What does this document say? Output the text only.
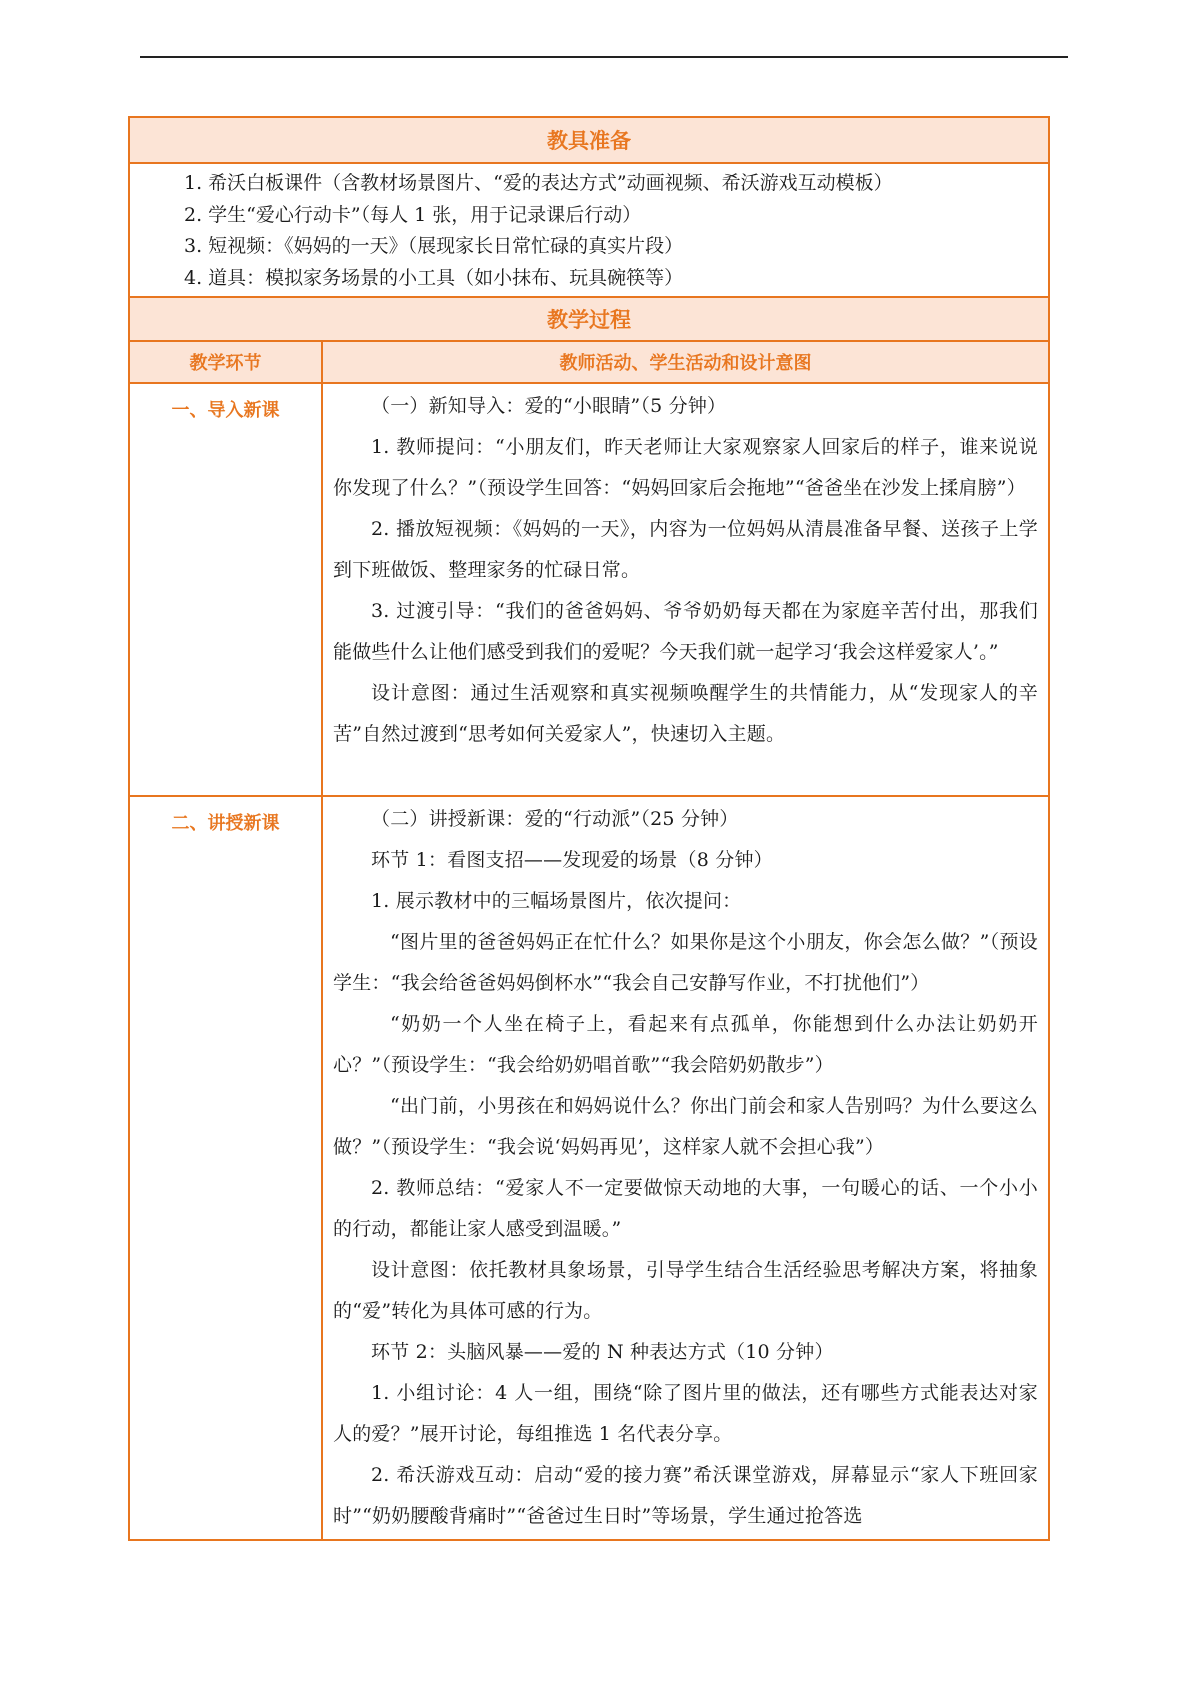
教具准备
1. 希沃白板课件（含教材场景图片、“爱的表达方式”动画视频、希沃游戏互动模板）
2. 学生“爱心行动卡”（每人 1 张，用于记录课后行动）
3. 短视频：《妈妈的一天》（展现家长日常忙碌的真实片段）
4. 道具：模拟家务场景的小工具（如小抹布、玩具碗筷等）
教学过程
教学环节	教师活动、学生活动和设计意图
一、导入新课	（一）新知导入：爱的“小眼睛”（5 分钟）

1. 教师提问：“小朋友们，昨天老师让大家观察家人回家后的样子，谁来说说你发现了什么？”（预设学生回答：“妈妈回家后会拖地”“爸爸坐在沙发上揉肩膀”）

2. 播放短视频：《妈妈的一天》，内容为一位妈妈从清晨准备早餐、送孩子上学到下班做饭、整理家务的忙碌日常。

3. 过渡引导：“我们的爸爸妈妈、爷爷奶奶每天都在为家庭辛苦付出，那我们能做些什么让他们感受到我们的爱呢？今天我们就一起学习‘我会这样爱家人’。”

设计意图：通过生活观察和真实视频唤醒学生的共情能力，从“发现家人的辛苦”自然过渡到“思考如何关爱家人”，快速切入主题。

二、讲授新课	（二）讲授新课：爱的“行动派”（25 分钟）

环节 1：看图支招——发现爱的场景（8 分钟）

1. 展示教材中的三幅场景图片，依次提问：

“图片里的爸爸妈妈正在忙什么？如果你是这个小朋友，你会怎么做？”（预设学生：“我会给爸爸妈妈倒杯水”“我会自己安静写作业，不打扰他们”）

“奶奶一个人坐在椅子上，看起来有点孤单，你能想到什么办法让奶奶开心？”（预设学生：“我会给奶奶唱首歌”“我会陪奶奶散步”）

“出门前，小男孩在和妈妈说什么？你出门前会和家人告别吗？为什么要这么做？”（预设学生：“我会说‘妈妈再见’，这样家人就不会担心我”）

2. 教师总结：“爱家人不一定要做惊天动地的大事，一句暖心的话、一个小小的行动，都能让家人感受到温暖。”

设计意图：依托教材具象场景，引导学生结合生活经验思考解决方案，将抽象的“爱”转化为具体可感的行为。

环节 2：头脑风暴——爱的 N 种表达方式（10 分钟）

1. 小组讨论：4 人一组，围绕“除了图片里的做法，还有哪些方式能表达对家人的爱？”展开讨论，每组推选 1 名代表分享。

2. 希沃游戏互动：启动“爱的接力赛”希沃课堂游戏，屏幕显示“家人下班回家时”“奶奶腰酸背痛时”“爸爸过生日时”等场景，学生通过抢答选
